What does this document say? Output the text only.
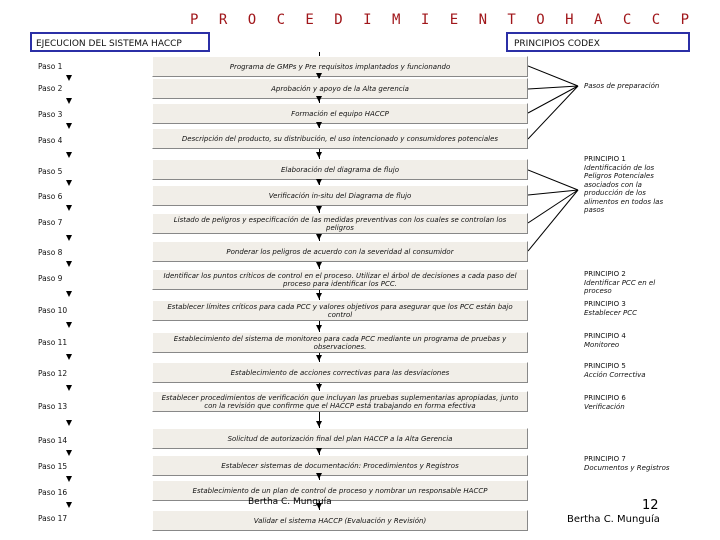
P R O C E D I M I E N T O H A C C P
EJECUCION DEL SISTEMA HACCP	PRINCIPIOS CODEX
Paso 1
Paso 2
Paso 3
Paso 4
Paso 5
Paso 6
Paso 7
Paso 8
Paso 9
Paso 10
Paso 11
Paso 12
Paso 13
Paso 14
Paso 15
Paso 16
Paso 17
Programa de GMPs y Pre requisitos implantados y funcionando
Aprobación y apoyo de la Alta gerencia
Formación el equipo HACCP
Descripción del producto, su distribución, el uso intencionado y consumidores potenciales
Elaboración del diagrama de flujo
Verificación in-situ del Diagrama de flujo
Listado de peligros y especificación de las medidas preventivas con los cuales se controlan los peligros
Ponderar los peligros de acuerdo con la severidad al consumidor
Identificar los puntos críticos de control en el proceso. Utilizar el árbol de decisiones a cada paso del proceso para identificar los PCC.
Establecer límites críticos para cada PCC y valores objetivos para asegurar que los PCC están bajo control
Establecimiento del sistema de monitoreo para cada PCC mediante un programa de pruebas y observaciones.
Establecimiento de acciones correctivas para las desviaciones
Establecer procedimientos de verificación que incluyan las pruebas suplementarias apropiadas, junto con la revisión que confirme que el HACCP está trabajando en forma efectiva
Solicitud de autorización final del plan HACCP a la Alta Gerencia
Establecer sistemas de documentación: Procedimientos y Registros
Establecimiento de un plan de control de proceso y nombrar un responsable HACCP
Validar el sistema HACCP (Evaluación y Revisión)
Pasos de preparación
PRINCIPIO 1
Identificación de los Peligros Potenciales asociados con la producción de los alimentos en todos las pasos
PRINCIPIO 2
Identificar PCC en el proceso
PRINCIPIO 3
Establecer PCC
PRINCIPIO 4
Monitoreo
PRINCIPIO 5
Acción Correctiva
PRINCIPIO 6
Verificación
PRINCIPIO 7
Documentos y Registros
Bertha C. Munguía	12
Bertha C. Munguía
